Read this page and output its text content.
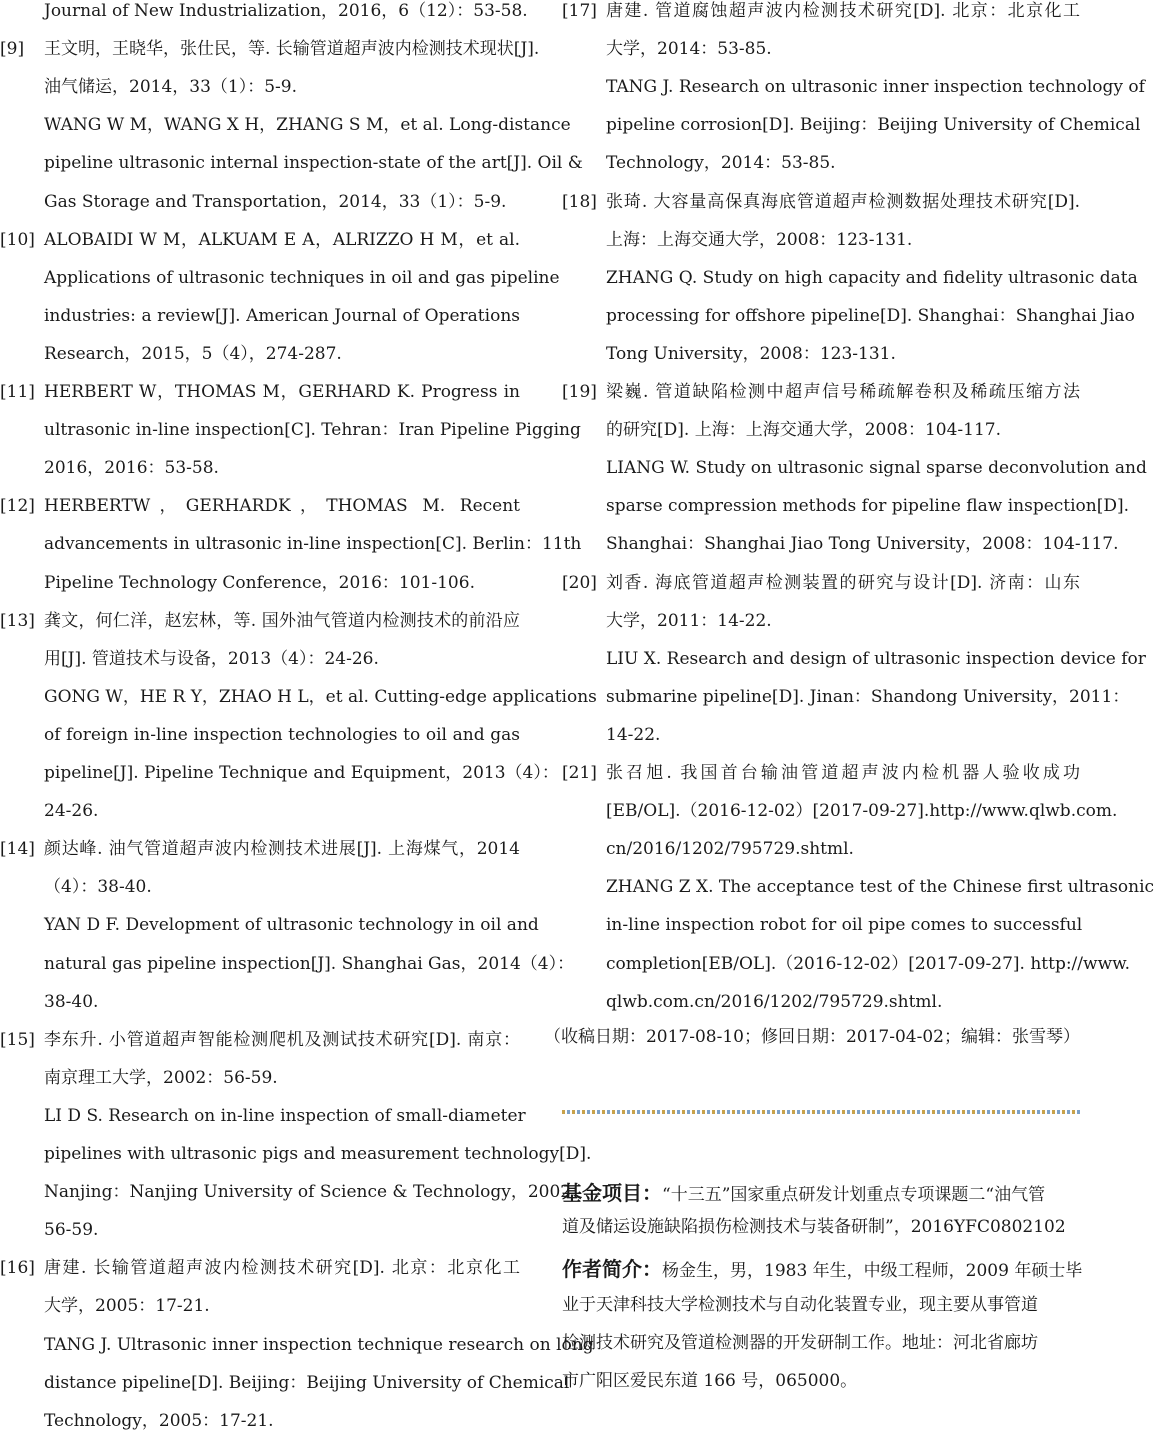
Journal of New Industrialization，2016，6（12）：53-58.
[9] 王文明，王晓华，张仕民，等. 长输管道超声波内检测技术现状[J].
油气储运，2014，33（1）：5-9.
WANG W M，WANG X H，ZHANG S M，et al. Long-distance
pipeline ultrasonic internal inspection-state of the art[J]. Oil &
Gas Storage and Transportation，2014，33（1）：5-9.
[10] ALOBAIDI W M，ALKUAM E A，ALRIZZO H M，et al.
Applications of ultrasonic techniques in oil and gas pipeline
industries: a review[J]. American Journal of Operations
Research，2015，5（4），274-287.
[11] HERBERT W，THOMAS M，GERHARD K. Progress in
ultrasonic in-line inspection[C]. Tehran：Iran Pipeline Pigging
2016，2016：53-58.
[12] HERBERTW，GERHARDK，THOMAS M. Recent
advancements in ultrasonic in-line inspection[C]. Berlin：11th
Pipeline Technology Conference，2016：101-106.
[13] 龚文，何仁洋，赵宏林，等. 国外油气管道内检测技术的前沿应
用[J]. 管道技术与设备，2013（4）：24-26.
GONG W，HE R Y，ZHAO H L，et al. Cutting-edge applications
of foreign in-line inspection technologies to oil and gas
pipeline[J]. Pipeline Technique and Equipment，2013（4）：
24-26.
[14] 颜达峰. 油气管道超声波内检测技术进展[J]. 上海煤气，2014
（4）：38-40.
YAN D F. Development of ultrasonic technology in oil and
natural gas pipeline inspection[J]. Shanghai Gas，2014（4）：
38-40.
[15] 李东升. 小管道超声智能检测爬机及测试技术研究[D]. 南京：
南京理工大学，2002：56-59.
LI D S. Research on in-line inspection of small-diameter
pipelines with ultrasonic pigs and measurement technology[D].
Nanjing：Nanjing University of Science & Technology，2002：
56-59.
[16] 唐建. 长输管道超声波内检测技术研究[D]. 北京：北京化工
大学，2005：17-21.
TANG J. Ultrasonic inner inspection technique research on long
distance pipeline[D]. Beijing：Beijing University of Chemical
Technology，2005：17-21.
（收稿日期：2017-08-10；修回日期：2017-04-02；编辑：张雪琴）
基金项目：“十三五”国家重点研发计划重点专项课题二“油气管
道及储运设施缺陷损伤检测技术与装备研制”，2016YFC0802102
作者简介：杨金生，男，1983 年生，中级工程师，2009 年硕士毕
业于天津科技大学检测技术与自动化装置专业，现主要从事管道
检测技术研究及管道检测器的开发研制工作。地址：河北省廊坊
市广阳区爱民东道 166 号，065000。
[17] 唐建. 管道腐蚀超声波内检测技术研究[D]. 北京：北京化工
大学，2014：53-85.
TANG J. Research on ultrasonic inner inspection technology of
pipeline corrosion[D]. Beijing：Beijing University of Chemical
Technology，2014：53-85.
[18] 张琦. 大容量高保真海底管道超声检测数据处理技术研究[D].
上海：上海交通大学，2008：123-131.
ZHANG Q. Study on high capacity and fidelity ultrasonic data
processing for offshore pipeline[D]. Shanghai：Shanghai Jiao
Tong University，2008：123-131.
[19] 梁巍. 管道缺陷检测中超声信号稀疏解卷积及稀疏压缩方法
的研究[D]. 上海：上海交通大学，2008：104-117.
LIANG W. Study on ultrasonic signal sparse deconvolution and
sparse compression methods for pipeline flaw inspection[D].
Shanghai：Shanghai Jiao Tong University，2008：104-117.
[20] 刘香. 海底管道超声检测装置的研究与设计[D]. 济南：山东
大学，2011：14-22.
LIU X. Research and design of ultrasonic inspection device for
submarine pipeline[D]. Jinan：Shandong University，2011：
14-22.
[21] 张召旭. 我国首台输油管道超声波内检机器人验收成功
[EB/OL].（2016-12-02）[2017-09-27].http://www.qlwb.com.
cn/2016/1202/795729.shtml.
ZHANG Z X. The acceptance test of the Chinese first ultrasonic
in-line inspection robot for oil pipe comes to successful
completion[EB/OL].（2016-12-02）[2017-09-27]. http://www.
qlwb.com.cn/2016/1202/795729.shtml.
